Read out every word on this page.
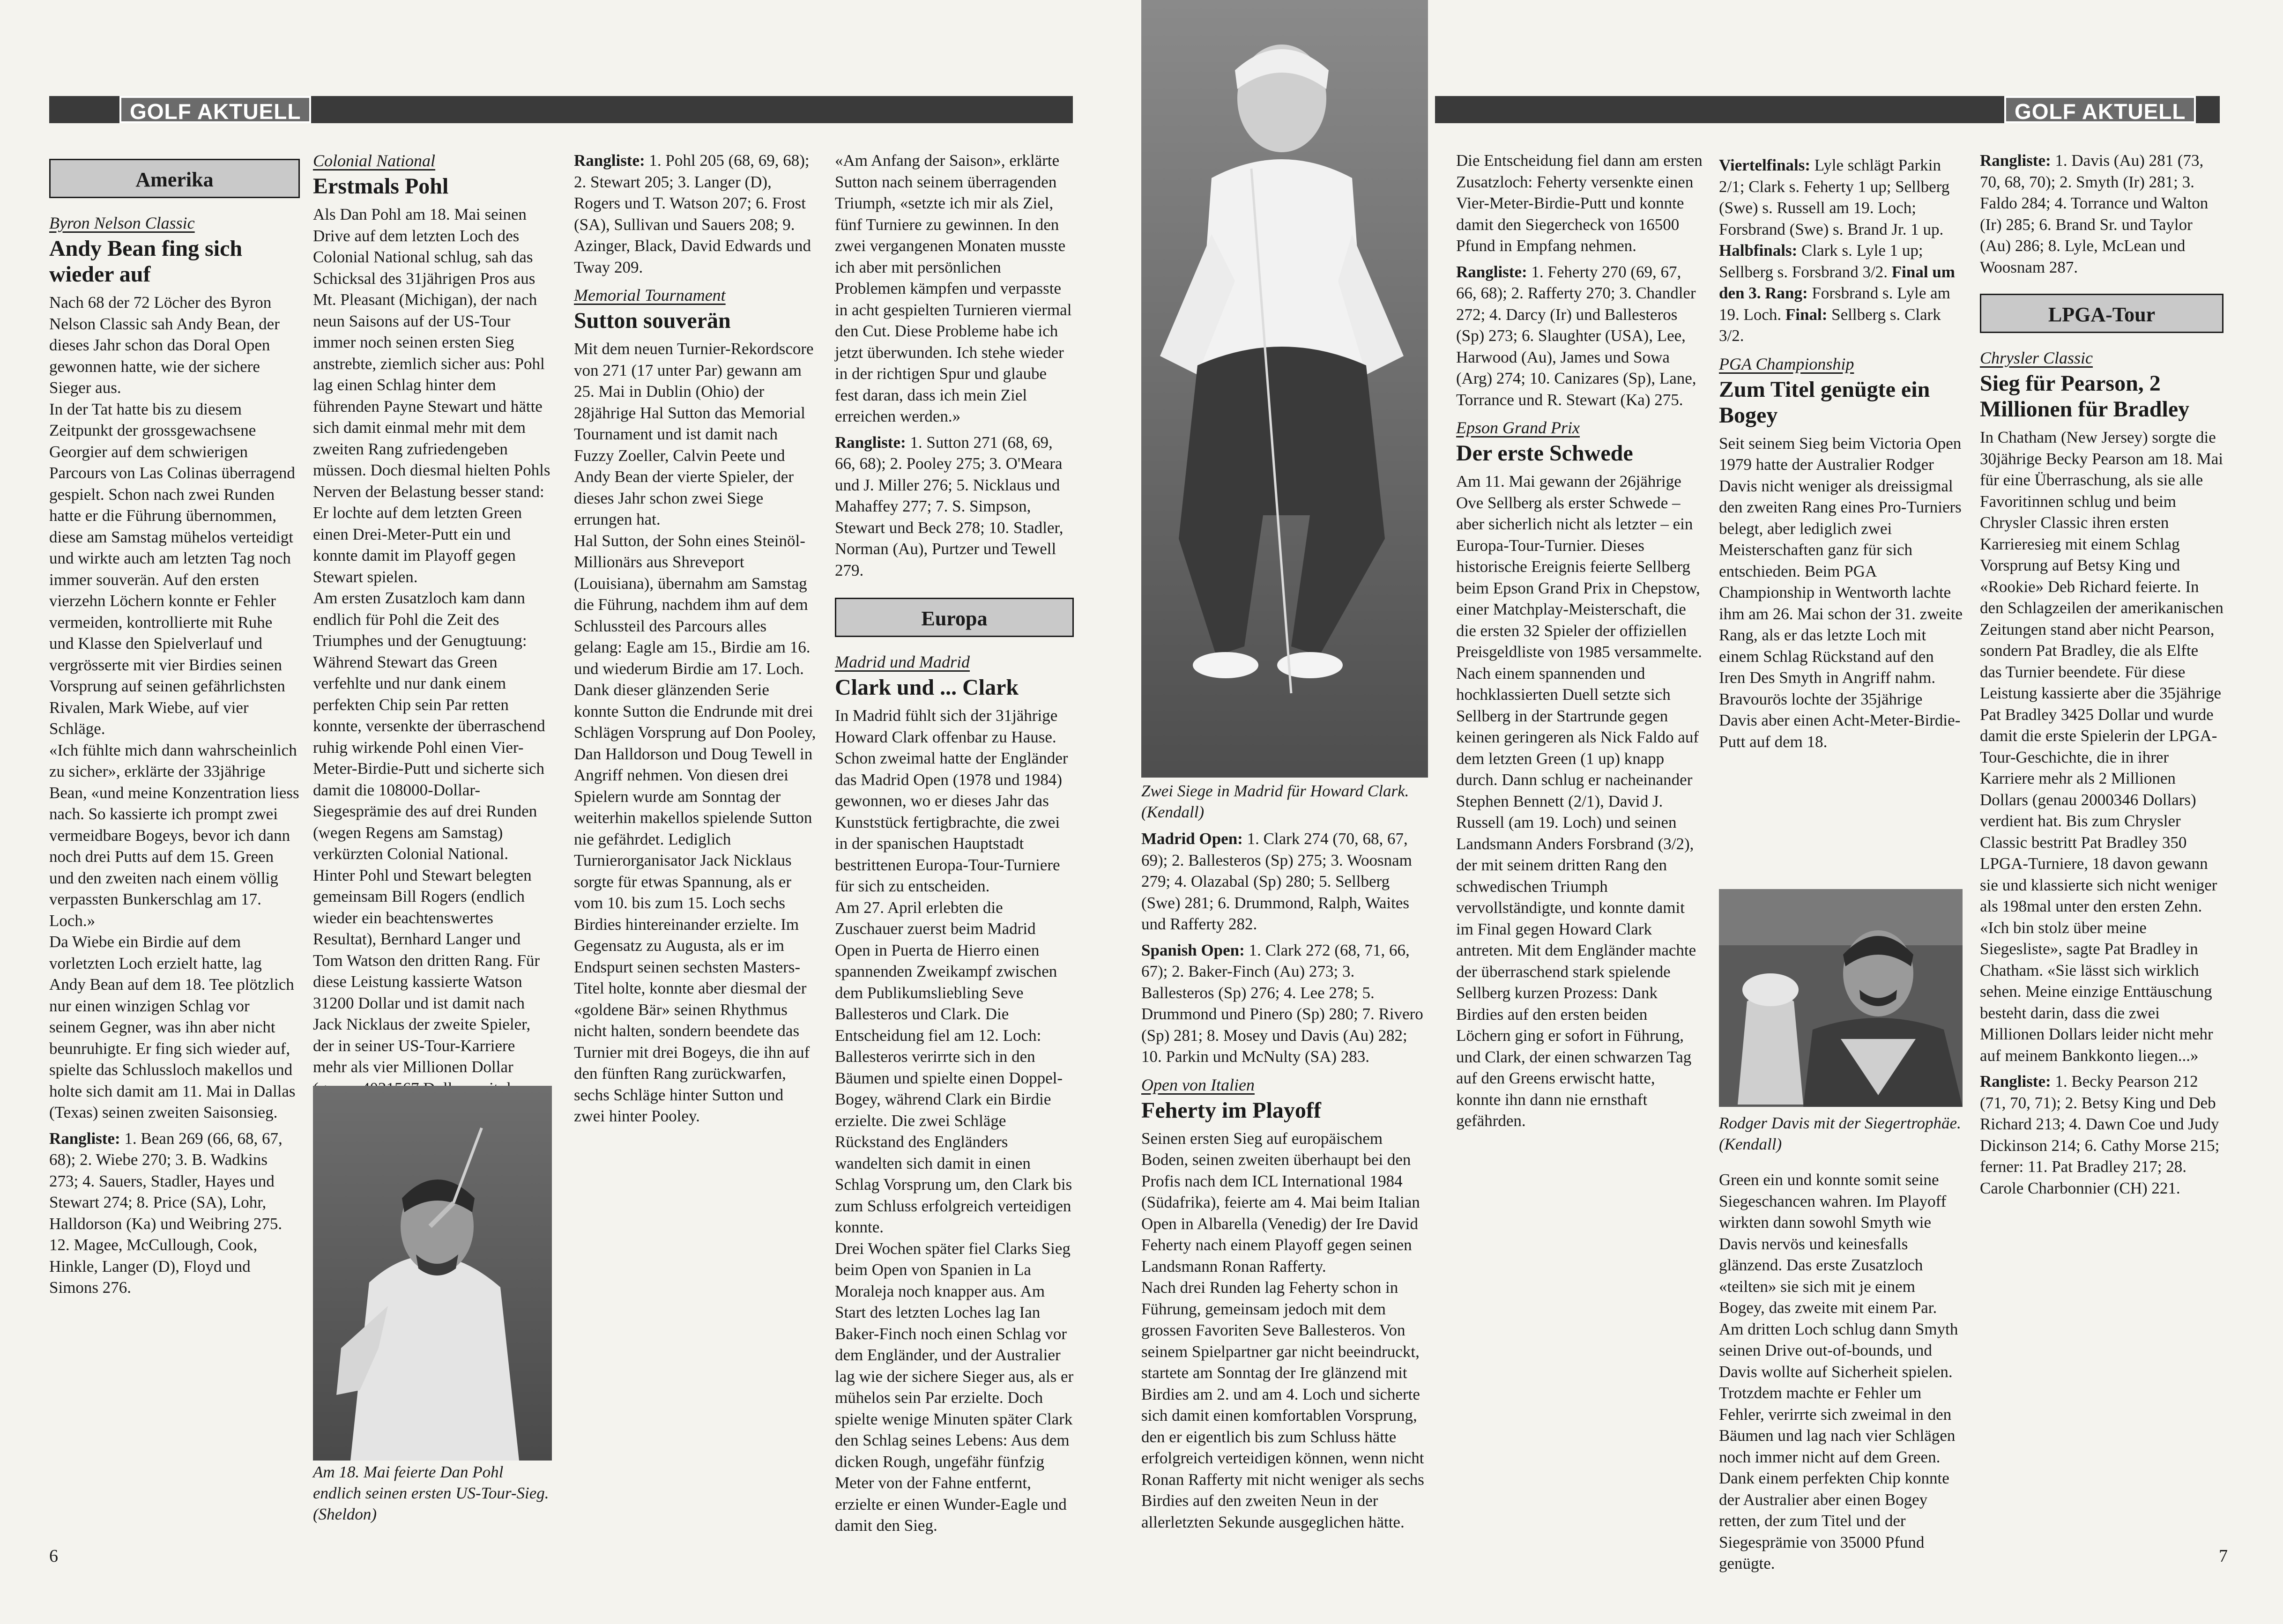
GOLF AKTUELL
Amerika
Byron Nelson Classic
Andy Bean fing sich wieder auf

Nach 68 der 72 Löcher des Byron Nelson Classic sah Andy Bean, der dieses Jahr schon das Doral Open gewonnen hatte, wie der sichere Sieger aus.

In der Tat hatte bis zu diesem Zeitpunkt der grossgewachsene Georgier auf dem schwierigen Parcours von Las Colinas überragend gespielt. Schon nach zwei Runden hatte er die Führung übernommen, diese am Samstag mühelos verteidigt und wirkte auch am letzten Tag noch immer souverän. Auf den ersten vierzehn Löchern konnte er Fehler vermeiden, kontrollierte mit Ruhe und Klasse den Spielverlauf und vergrösserte mit vier Birdies seinen Vorsprung auf seinen gefährlichsten Rivalen, Mark Wiebe, auf vier Schläge.

«Ich fühlte mich dann wahrscheinlich zu sicher», erklärte der 33jährige Bean, «und meine Konzentration liess nach. So kassierte ich prompt zwei vermeidbare Bogeys, bevor ich dann noch drei Putts auf dem 15. Green und den zweiten nach einem völlig verpassten Bunkerschlag am 17. Loch.»

Da Wiebe ein Birdie auf dem vorletzten Loch erzielt hatte, lag Andy Bean auf dem 18. Tee plötzlich nur einen winzigen Schlag vor seinem Gegner, was ihn aber nicht beunruhigte. Er fing sich wieder auf, spielte das Schlussloch makellos und holte sich damit am 11. Mai in Dallas (Texas) seinen zweiten Saisonsieg.

Rangliste: 1. Bean 269 (66, 68, 67, 68); 2. Wiebe 270; 3. B. Wadkins 273; 4. Sauers, Stadler, Hayes und Stewart 274; 8. Price (SA), Lohr, Halldorson (Ka) und Weibring 275. 12. Magee, McCullough, Cook, Hinkle, Langer (D), Floyd und Simons 276.

Colonial National
Erstmals Pohl

Als Dan Pohl am 18. Mai seinen Drive auf dem letzten Loch des Colonial National schlug, sah das Schicksal des 31jährigen Pros aus Mt. Pleasant (Michigan), der nach neun Saisons auf der US-Tour immer noch seinen ersten Sieg anstrebte, ziemlich sicher aus: Pohl lag einen Schlag hinter dem führenden Payne Stewart und hätte sich damit einmal mehr mit dem zweiten Rang zufriedengeben müssen. Doch diesmal hielten Pohls Nerven der Belastung besser stand: Er lochte auf dem letzten Green einen Drei-Meter-Putt ein und konnte damit im Playoff gegen Stewart spielen.

Am ersten Zusatzloch kam dann endlich für Pohl die Zeit des Triumphes und der Genugtuung: Während Stewart das Green verfehlte und nur dank einem perfekten Chip sein Par retten konnte, versenkte der überraschend ruhig wirkende Pohl einen Vier-Meter-Birdie-Putt und sicherte sich damit die 108000-Dollar-Siegesprämie des auf drei Runden (wegen Regens am Samstag) verkürzten Colonial National.

Hinter Pohl und Stewart belegten gemeinsam Bill Rogers (endlich wieder ein beachtenswertes Resultat), Bernhard Langer und Tom Watson den dritten Rang. Für diese Leistung kassierte Watson 31200 Dollar und ist damit nach Jack Nicklaus der zweite Spieler, der in seiner US-Tour-Karriere mehr als vier Millionen Dollar

Am 18. Mai feierte Dan Pohl endlich seinen ersten US-Tour-Sieg. (Sheldon)

Rangliste: 1. Pohl 205 (68, 69, 68); 2. Stewart 205; 3. Langer (D), Rogers und T. Watson 207; 6. Frost (SA), Sullivan und Sauers 208; 9. Azinger, Black, David Edwards und Tway 209.

Memorial Tournament
Sutton souverän

Mit dem neuen Turnier-Rekordscore von 271 (17 unter Par) gewann am 25. Mai in Dublin (Ohio) der 28jährige Hal Sutton das Memorial Tournament und ist damit nach Fuzzy Zoeller, Calvin Peete und Andy Bean der vierte Spieler, der dieses Jahr schon zwei Siege errungen hat.

Hal Sutton, der Sohn eines Steinöl-Millionärs aus Shreveport (Louisiana), übernahm am Samstag die Führung, nachdem ihm auf dem Schlussteil des Parcours alles gelang: Eagle am 15., Birdie am 16. und wiederum Birdie am 17. Loch. Dank dieser glänzenden Serie konnte Sutton die Endrunde mit drei Schlägen Vorsprung auf Don Pooley, Dan Halldorson und Doug Tewell in Angriff nehmen. Von diesen drei Spielern wurde am Sonntag der weiterhin makellos spielende Sutton nie gefährdet. Lediglich Turnierorganisator Jack Nicklaus sorgte für etwas Spannung, als er vom 10. bis zum 15. Loch sechs Birdies hintereinander erzielte. Im Gegensatz zu Augusta, als er im Endspurt seinen sechsten Masters-Titel holte, konnte aber diesmal der «goldene Bär» seinen Rhythmus nicht halten, sondern beendete das Turnier mit drei Bogeys, die ihn auf den fünften Rang zurückwarfen, sechs Schläge hinter Sutton und zwei hinter Pooley.

«Am Anfang der Saison», erklärte Sutton nach seinem überragenden Triumph, «setzte ich mir als Ziel, fünf Turniere zu gewinnen. In den zwei vergangenen Monaten musste ich aber mit persönlichen Problemen kämpfen und verpasste in acht gespielten Turnieren viermal den Cut. Diese Probleme habe ich jetzt überwunden. Ich stehe wieder in der richtigen Spur und glaube fest daran, dass ich mein Ziel erreichen werden.»

Rangliste: 1. Sutton 271 (68, 69, 66, 68); 2. Pooley 275; 3. O'Meara und J. Miller 276; 5. Nicklaus und Mahaffey 277; 7. S. Simpson, Stewart und Beck 278; 10. Stadler, Norman (Au), Purtzer und Tewell 279.

Europa
Madrid und Madrid
Clark und ... Clark

In Madrid fühlt sich der 31jährige Howard Clark offenbar zu Hause. Schon zweimal hatte der Engländer das Madrid Open (1978 und 1984) gewonnen, wo er dieses Jahr das Kunststück fertigbrachte, die zwei in der spanischen Hauptstadt bestrittenen Europa-Tour-Turniere für sich zu entscheiden.

Am 27. April erlebten die Zuschauer zuerst beim Madrid Open in Puerta de Hierro einen spannenden Zweikampf zwischen dem Publikumsliebling Seve Ballesteros und Clark. Die Entscheidung fiel am 12. Loch: Ballesteros verirrte sich in den Bäumen und spielte einen Doppel-Bogey, während Clark ein Birdie erzielte. Die zwei Schläge Rückstand des Engländers wandelten sich damit in einen Schlag Vorsprung um, den Clark bis zum Schluss erfolgreich verteidigen konnte.

Drei Wochen später fiel Clarks Sieg beim Open von Spanien in La Moraleja noch knapper aus. Am Start des letzten Loches lag Ian Baker-Finch noch einen Schlag vor dem Engländer, und der Australier lag wie der sichere Sieger aus, als er mühelos sein Par erzielte. Doch spielte wenige Minuten später Clark den Schlag seines Lebens: Aus dem dicken Rough, ungefähr fünfzig Meter von der Fahne entfernt, erzielte er einen Wunder-Eagle und damit den Sieg.

6
GOLF AKTUELL
Zwei Siege in Madrid für Howard Clark. (Kendall)

Madrid Open: 1. Clark 274 (70, 68, 67, 69); 2. Ballesteros (Sp) 275; 3. Woosnam 279; 4. Olazabal (Sp) 280; 5. Sellberg (Swe) 281; 6. Drummond, Ralph, Waites und Rafferty 282.

Spanish Open: 1. Clark 272 (68, 71, 66, 67); 2. Baker-Finch (Au) 273; 3. Ballesteros (Sp) 276; 4. Lee 278; 5. Drummond und Pinero (Sp) 280; 7. Rivero (Sp) 281; 8. Mosey und Davis (Au) 282; 10. Parkin und McNulty (SA) 283.

Open von Italien
Feherty im Playoff

Seinen ersten Sieg auf europäischem Boden, seinen zweiten überhaupt bei den Profis nach dem ICL International 1984 (Südafrika), feierte am 4. Mai beim Italian Open in Albarella (Venedig) der Ire David Feherty nach einem Playoff gegen seinen Landsmann Ronan Rafferty.

Nach drei Runden lag Feherty schon in Führung, gemeinsam jedoch mit dem grossen Favoriten Seve Ballesteros. Von seinem Spielpartner gar nicht beeindruckt, startete am Sonntag der Ire glänzend mit Birdies am 2. und am 4. Loch und sicherte sich damit einen komfortablen Vorsprung, den er eigentlich bis zum Schluss hätte erfolgreich verteidigen können, wenn nicht Ronan Rafferty mit nicht weniger als sechs Birdies auf den zweiten Neun in der allerletzten Sekunde ausgeglichen hätte.

Die Entscheidung fiel dann am ersten Zusatzloch: Feherty versenkte einen Vier-Meter-Birdie-Putt und konnte damit den Siegercheck von 16500 Pfund in Empfang nehmen.

Rangliste: 1. Feherty 270 (69, 67, 66, 68); 2. Rafferty 270; 3. Chandler 272; 4. Darcy (Ir) und Ballesteros (Sp) 273; 6. Slaughter (USA), Lee, Harwood (Au), James und Sowa (Arg) 274; 10. Canizares (Sp), Lane, Torrance und R. Stewart (Ka) 275.

Epson Grand Prix
Der erste Schwede

Am 11. Mai gewann der 26jährige Ove Sellberg als erster Schwede – aber sicherlich nicht als letzter – ein Europa-Tour-Turnier. Dieses historische Ereignis feierte Sellberg beim Epson Grand Prix in Chepstow, einer Matchplay-Meisterschaft, die die ersten 32 Spieler der offiziellen Preisgeldliste von 1985 versammelte.

Nach einem spannenden und hochklassierten Duell setzte sich Sellberg in der Startrunde gegen keinen geringeren als Nick Faldo auf dem letzten Green (1 up) knapp durch. Dann schlug er nacheinander Stephen Bennett (2/1), David J. Russell (am 19. Loch) und seinen Landsmann Anders Forsbrand (3/2), der mit seinem dritten Rang den schwedischen Triumph vervollständigte, und konnte damit im Final gegen Howard Clark antreten. Mit dem Engländer machte der überraschend stark spielende Sellberg kurzen Prozess: Dank Birdies auf den ersten beiden Löchern ging er sofort in Führung, und Clark, der einen schwarzen Tag auf den Greens erwischt hatte, konnte ihn dann nie ernsthaft gefährden.

Viertelfinals: Lyle schlägt Parkin 2/1; Clark s. Feherty 1 up; Sellberg (Swe) s. Russell am 19. Loch; Forsbrand (Swe) s. Brand Jr. 1 up. Halbfinals: Clark s. Lyle 1 up; Sellberg s. Forsbrand 3/2. Final um den 3. Rang: Forsbrand s. Lyle am 19. Loch. Final: Sellberg s. Clark 3/2.

PGA Championship
Zum Titel genügte ein Bogey

Seit seinem Sieg beim Victoria Open 1979 hatte der Australier Rodger Davis nicht weniger als dreissigmal den zweiten Rang eines Pro-Turniers belegt, aber lediglich zwei Meisterschaften ganz für sich entschieden. Beim PGA Championship in Wentworth lachte ihm am 26. Mai schon der 31. zweite Rang, als er das letzte Loch mit einem Schlag Rückstand auf den Iren Des Smyth in Angriff nahm. Bravourös lochte der 35jährige Davis aber einen Acht-Meter-Birdie-Putt auf dem 18.

Rodger Davis mit der Siegertrophäe. (Kendall)

Green ein und konnte somit seine Siegeschancen wahren. Im Playoff wirkten dann sowohl Smyth wie Davis nervös und keinesfalls glänzend. Das erste Zusatzloch «teilten» sie sich mit je einem Bogey, das zweite mit einem Par. Am dritten Loch schlug dann Smyth seinen Drive out-of-bounds, und Davis wollte auf Sicherheit spielen. Trotzdem machte er Fehler um Fehler, verirrte sich zweimal in den Bäumen und lag nach vier Schlägen noch immer nicht auf dem Green. Dank einem perfekten Chip konnte der Australier aber einen Bogey retten, der zum Titel und der Siegesprämie von 35000 Pfund genügte.

Rangliste: 1. Davis (Au) 281 (73, 70, 68, 70); 2. Smyth (Ir) 281; 3. Faldo 284; 4. Torrance und Walton (Ir) 285; 6. Brand Sr. und Taylor (Au) 286; 8. Lyle, McLean und Woosnam 287.

LPGA-Tour
Chrysler Classic
Sieg für Pearson, 2 Millionen für Bradley

In Chatham (New Jersey) sorgte die 30jährige Becky Pearson am 18. Mai für eine Überraschung, als sie alle Favoritinnen schlug und beim Chrysler Classic ihren ersten Karrieresieg mit einem Schlag Vorsprung auf Betsy King und «Rookie» Deb Richard feierte. In den Schlagzeilen der amerikanischen Zeitungen stand aber nicht Pearson, sondern Pat Bradley, die als Elfte das Turnier beendete. Für diese Leistung kassierte aber die 35jährige Pat Bradley 3425 Dollar und wurde damit die erste Spielerin der LPGA-Tour-Geschichte, die in ihrer Karriere mehr als 2 Millionen Dollars (genau 2000346 Dollars) verdient hat. Bis zum Chrysler Classic bestritt Pat Bradley 350 LPGA-Turniere, 18 davon gewann sie und klassierte sich nicht weniger als 198mal unter den ersten Zehn.

«Ich bin stolz über meine Siegesliste», sagte Pat Bradley in Chatham. «Sie lässt sich wirklich sehen. Meine einzige Enttäuschung besteht darin, dass die zwei Millionen Dollars leider nicht mehr auf meinem Bankkonto liegen...»

Rangliste: 1. Becky Pearson 212 (71, 70, 71); 2. Betsy King und Deb Richard 213; 4. Dawn Coe und Judy Dickinson 214; 6. Cathy Morse 215; ferner: 11. Pat Bradley 217; 28. Carole Charbonnier (CH) 221.

7
